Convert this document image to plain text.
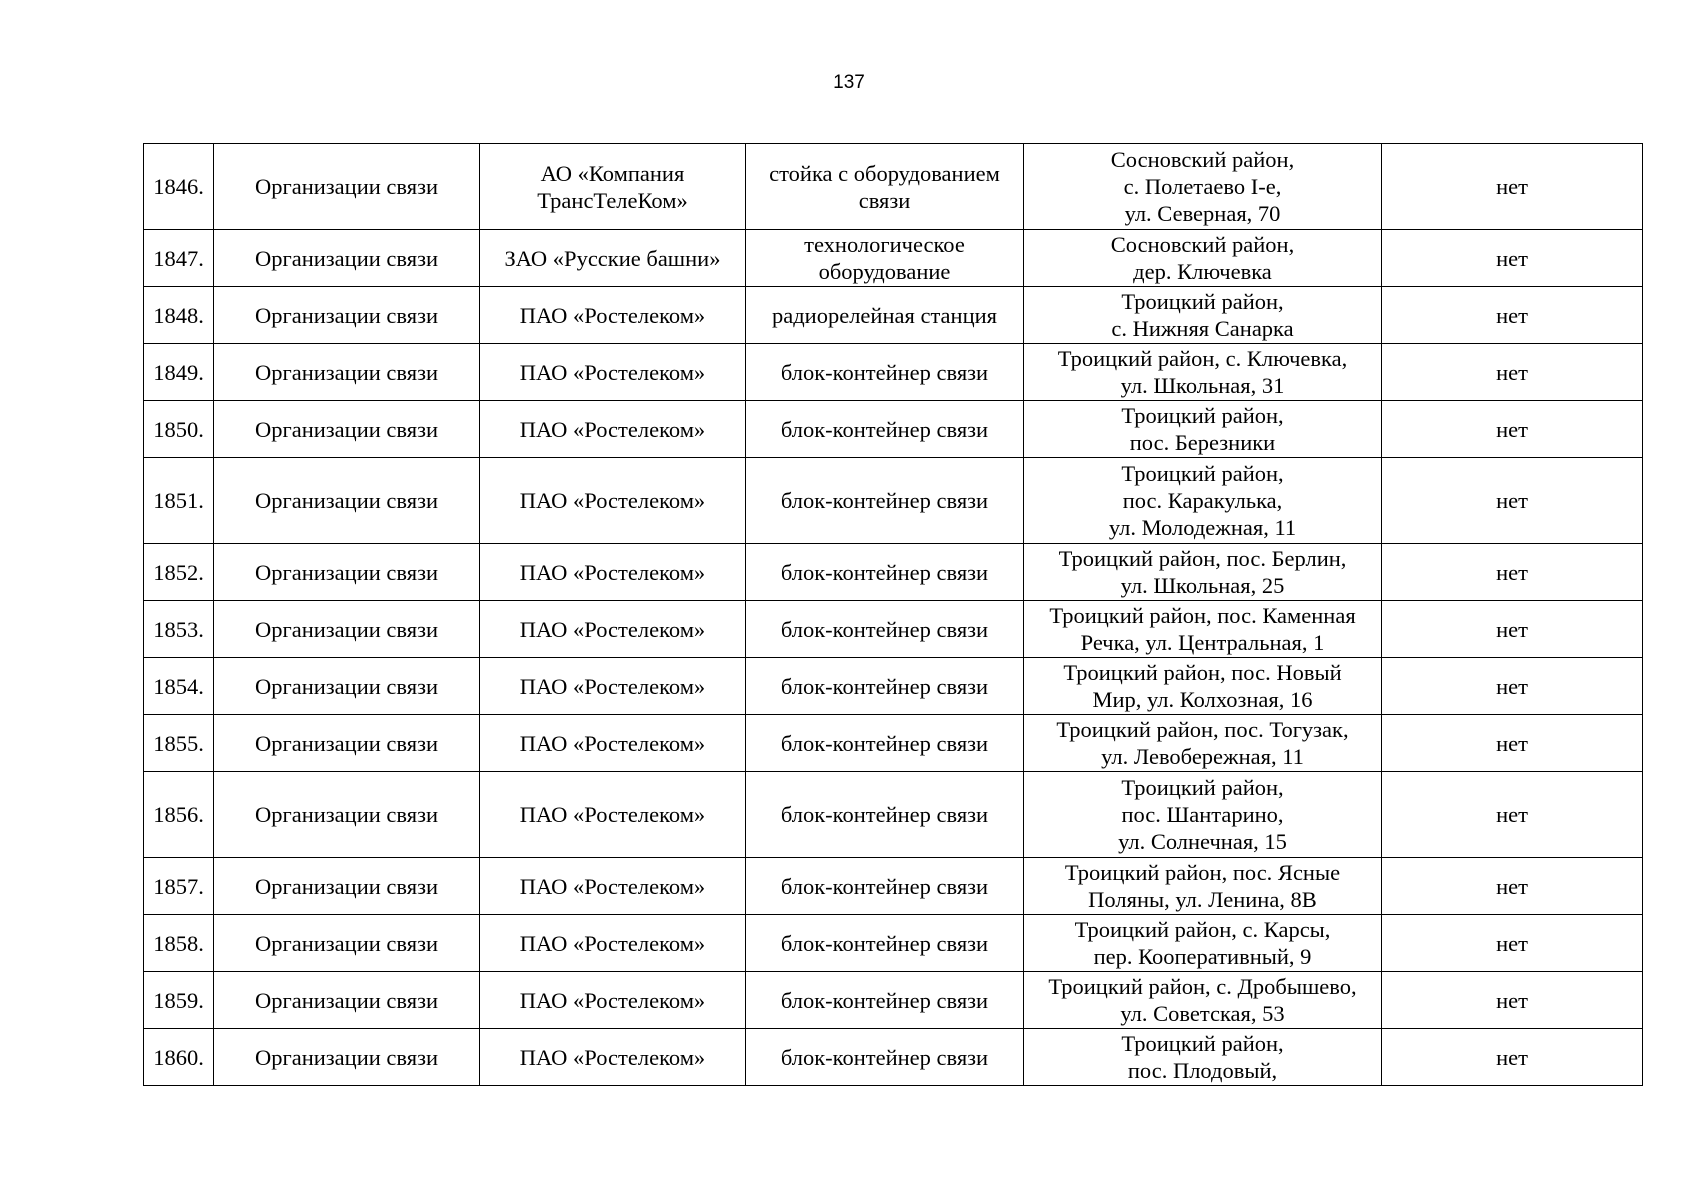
137
1846.	Организации связи	АО «Компания
ТрансТелеКом»	стойка с оборудованием
связи	Сосновский район,
с. Полетаево I-е,
ул. Северная, 70	нет
1847.	Организации связи	ЗАО «Русские башни»	технологическое
оборудование	Сосновский район,
дер. Ключевка	нет
1848.	Организации связи	ПАО «Ростелеком»	радиорелейная станция	Троицкий район,
с. Нижняя Санарка	нет
1849.	Организации связи	ПАО «Ростелеком»	блок-контейнер связи	Троицкий район, с. Ключевка,
ул. Школьная, 31	нет
1850.	Организации связи	ПАО «Ростелеком»	блок-контейнер связи	Троицкий район,
пос. Березники	нет
1851.	Организации связи	ПАО «Ростелеком»	блок-контейнер связи	Троицкий район,
пос. Каракулька,
ул. Молодежная, 11	нет
1852.	Организации связи	ПАО «Ростелеком»	блок-контейнер связи	Троицкий район, пос. Берлин,
ул. Школьная, 25	нет
1853.	Организации связи	ПАО «Ростелеком»	блок-контейнер связи	Троицкий район, пос. Каменная
Речка, ул. Центральная, 1	нет
1854.	Организации связи	ПАО «Ростелеком»	блок-контейнер связи	Троицкий район, пос. Новый
Мир, ул. Колхозная, 16	нет
1855.	Организации связи	ПАО «Ростелеком»	блок-контейнер связи	Троицкий район, пос. Тогузак,
ул. Левобережная, 11	нет
1856.	Организации связи	ПАО «Ростелеком»	блок-контейнер связи	Троицкий район,
пос. Шантарино,
ул. Солнечная, 15	нет
1857.	Организации связи	ПАО «Ростелеком»	блок-контейнер связи	Троицкий район, пос. Ясные
Поляны, ул. Ленина, 8В	нет
1858.	Организации связи	ПАО «Ростелеком»	блок-контейнер связи	Троицкий район, с. Карсы,
пер. Кооперативный, 9	нет
1859.	Организации связи	ПАО «Ростелеком»	блок-контейнер связи	Троицкий район, с. Дробышево,
ул. Советская, 53	нет
1860.	Организации связи	ПАО «Ростелеком»	блок-контейнер связи	Троицкий район,
пос. Плодовый,	нет
